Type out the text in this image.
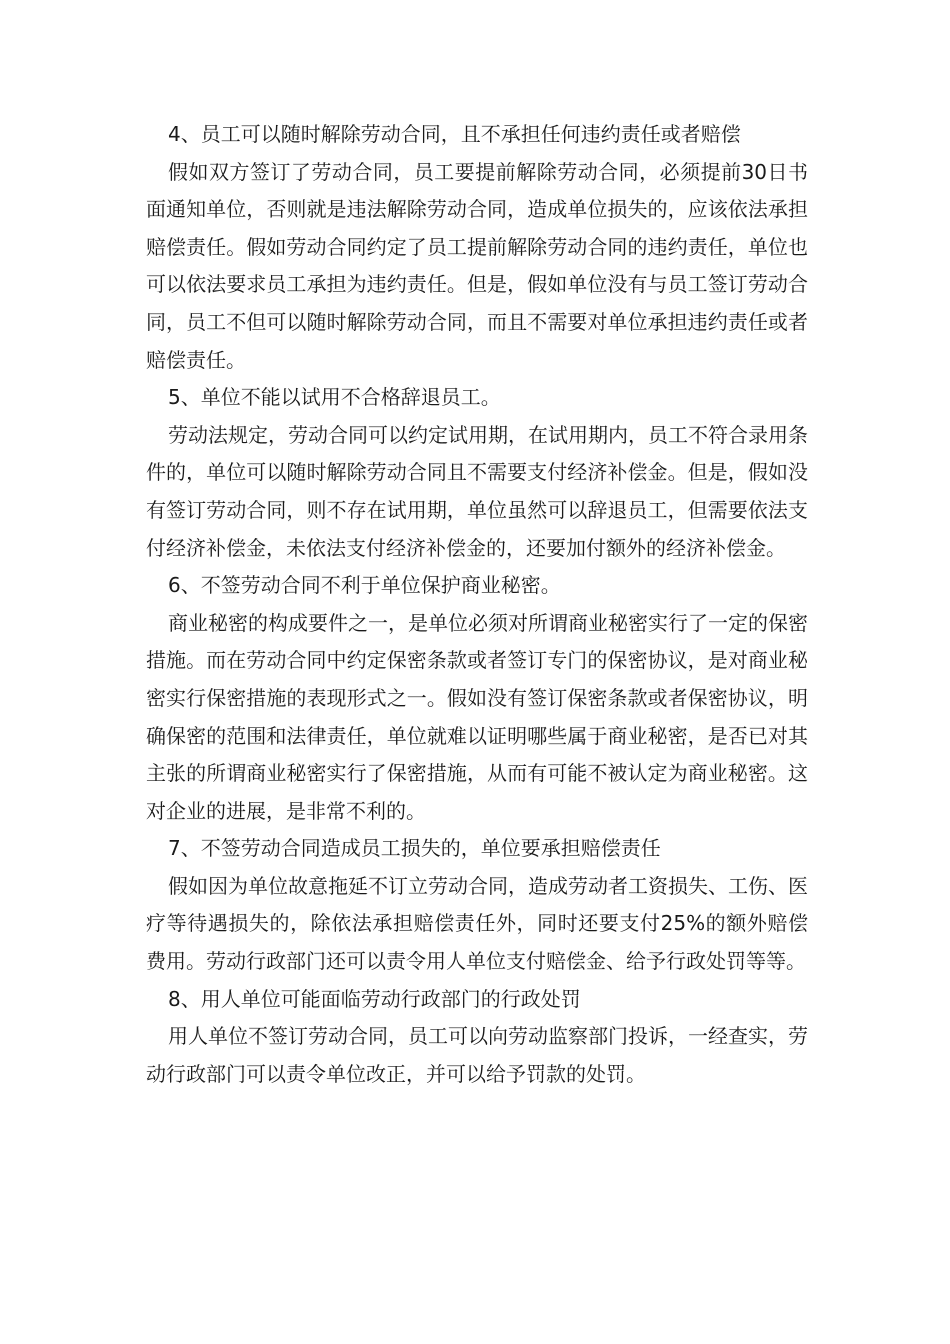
4、员工可以随时解除劳动合同，且不承担任何违约责任或者赔偿

假如双方签订了劳动合同，员工要提前解除劳动合同，必须提前30日书面通知单位，否则就是违法解除劳动合同，造成单位损失的，应该依法承担赔偿责任。假如劳动合同约定了员工提前解除劳动合同的违约责任，单位也可以依法要求员工承担为违约责任。但是，假如单位没有与员工签订劳动合同，员工不但可以随时解除劳动合同，而且不需要对单位承担违约责任或者赔偿责任。

5、单位不能以试用不合格辞退员工。

劳动法规定，劳动合同可以约定试用期，在试用期内，员工不符合录用条件的，单位可以随时解除劳动合同且不需要支付经济补偿金。但是，假如没有签订劳动合同，则不存在试用期，单位虽然可以辞退员工，但需要依法支付经济补偿金，未依法支付经济补偿金的，还要加付额外的经济补偿金。

6、不签劳动合同不利于单位保护商业秘密。

商业秘密的构成要件之一，是单位必须对所谓商业秘密实行了一定的保密措施。而在劳动合同中约定保密条款或者签订专门的保密协议，是对商业秘密实行保密措施的表现形式之一。假如没有签订保密条款或者保密协议，明确保密的范围和法律责任，单位就难以证明哪些属于商业秘密，是否已对其主张的所谓商业秘密实行了保密措施，从而有可能不被认定为商业秘密。这对企业的进展，是非常不利的。

7、不签劳动合同造成员工损失的，单位要承担赔偿责任

假如因为单位故意拖延不订立劳动合同，造成劳动者工资损失、工伤、医疗等待遇损失的，除依法承担赔偿责任外，同时还要支付25%的额外赔偿费用。劳动行政部门还可以责令用人单位支付赔偿金、给予行政处罚等等。

8、用人单位可能面临劳动行政部门的行政处罚

用人单位不签订劳动合同，员工可以向劳动监察部门投诉，一经查实，劳动行政部门可以责令单位改正，并可以给予罚款的处罚。
